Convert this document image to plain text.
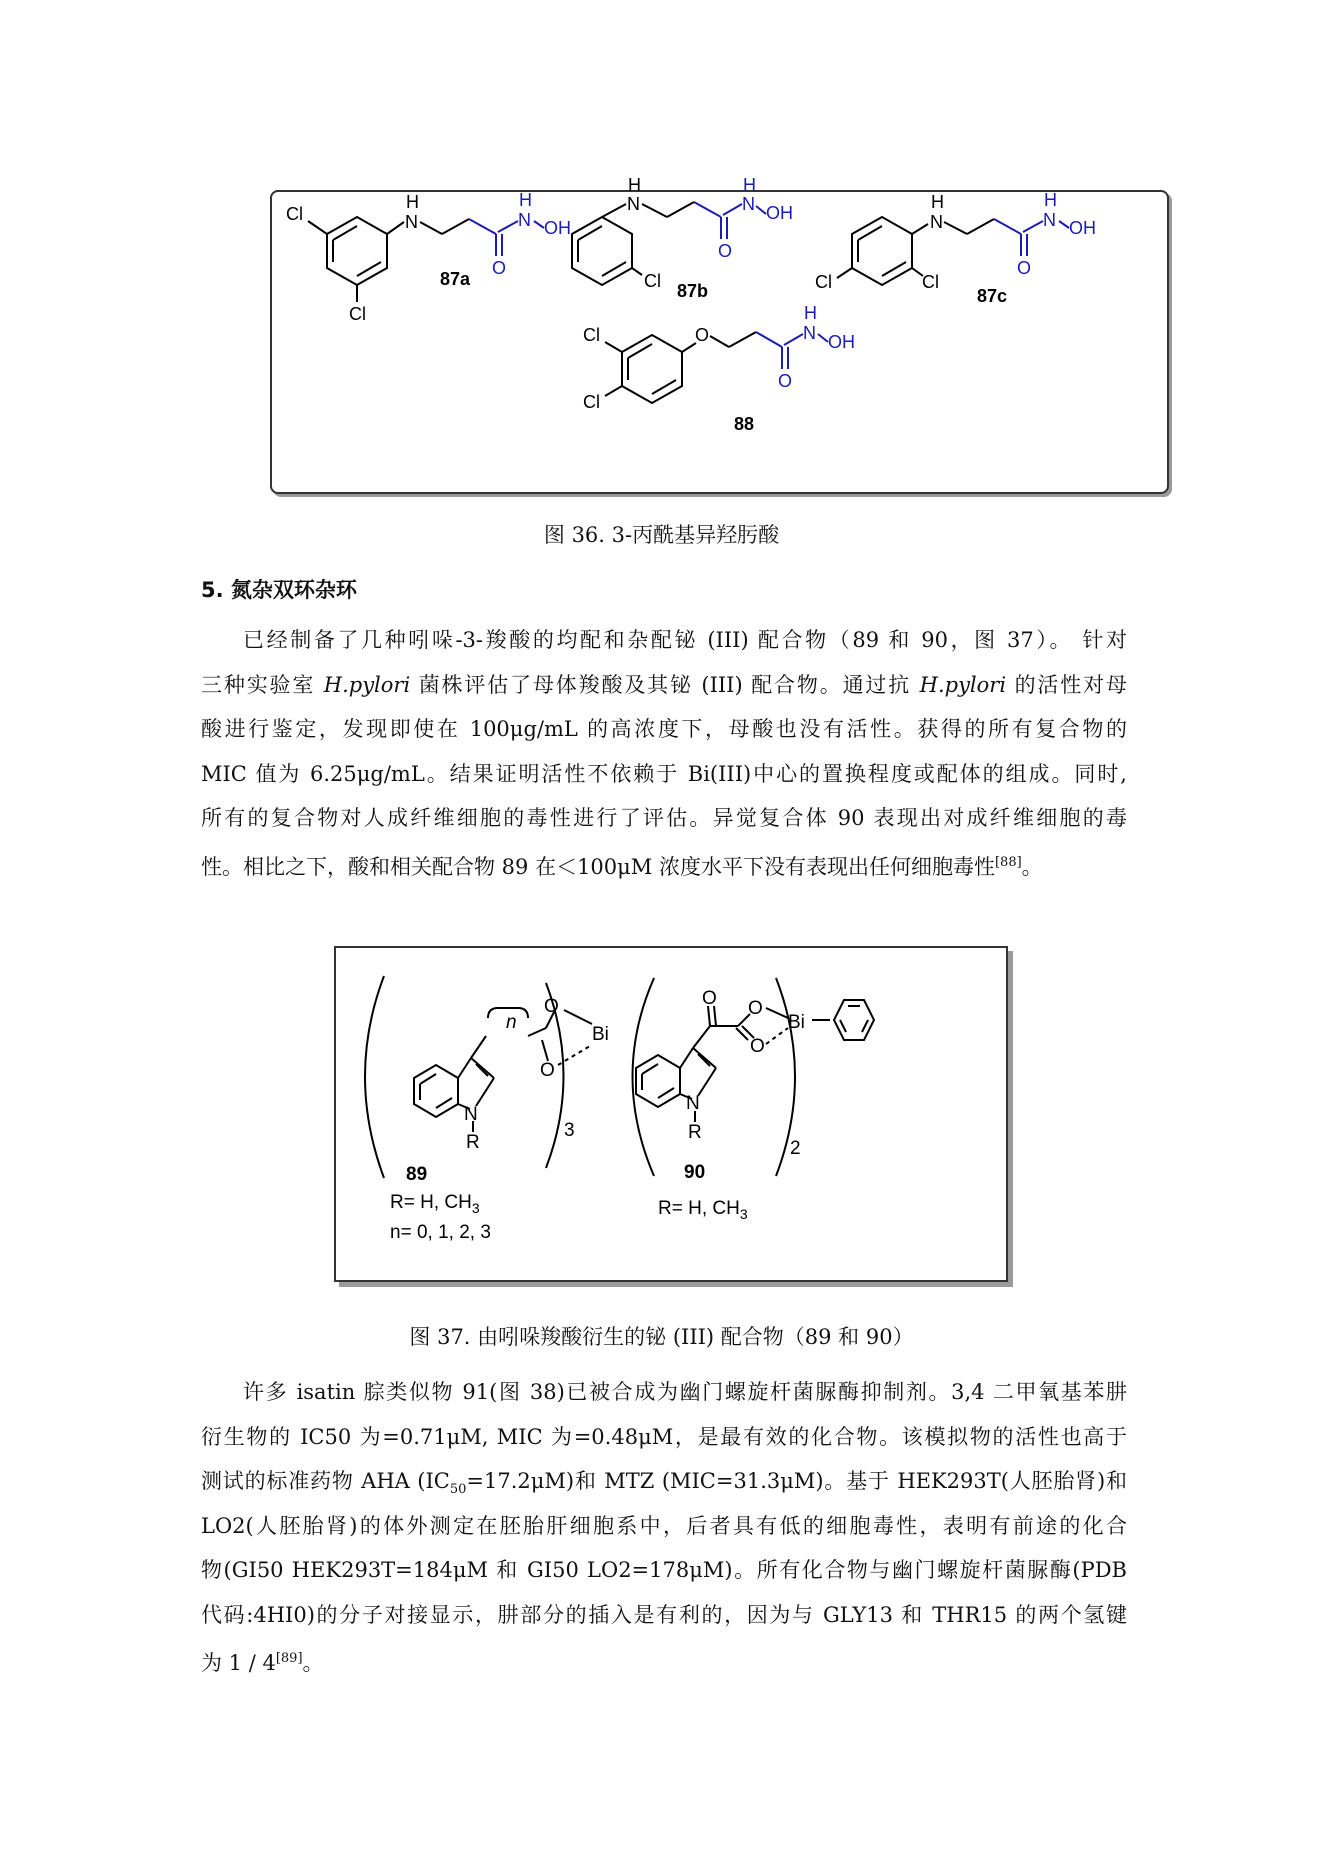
Cl
Cl
N
H
87a
N
H
OH
O
N
H
Cl 87b
N
H
OH
O
Cl	Cl
N
H
87c
N
H
OH
O
Cl
Cl
O
88
N
H
OH
O
图 36. 3-丙酰基异羟肟酸
5. 氮杂双环杂环
已经制备了几种吲哚-3-羧酸的均配和杂配铋 (III) 配合物（89 和 90，图 37）。 针对
三种实验室 H.pylori 菌株评估了母体羧酸及其铋 (III) 配合物。通过抗 H.pylori 的活性对母
酸进行鉴定，发现即使在 100μg/mL 的高浓度下，母酸也没有活性。获得的所有复合物的
MIC 值为 6.25μg/mL。结果证明活性不依赖于 Bi(III)中心的置换程度或配体的组成。同时,
所有的复合物对人成纤维细胞的毒性进行了评估。异觉复合体 90 表现出对成纤维细胞的毒
性。相比之下，酸和相关配合物 89 在＜100μM 浓度水平下没有表现出任何细胞毒性[88]。
O
O
n
Bi
3
N
R
89
R= H, $CH_3$
n= 0, 1, 2, 3
O O
O
Bi
2
N
R
90
R= H, $CH_3$
图 37. 由吲哚羧酸衍生的铋 (III) 配合物（89 和 90）
许多 isatin 腙类似物 91(图 38)已被合成为幽门螺旋杆菌脲酶抑制剂。3,4 二甲氧基苯肼
衍生物的 IC50 为=0.71μM, MIC 为=0.48μM，是最有效的化合物。该模拟物的活性也高于
测试的标准药物 AHA $(IC_{50}=17.2\mu M)$和 MTZ (MIC=31.3μM)。基于 HEK293T(人胚胎肾)和
LO2(人胚胎肾)的体外测定在胚胎肝细胞系中，后者具有低的细胞毒性，表明有前途的化合
物(GI50 HEK293T=184μM 和 GI50 LO2=178μM)。所有化合物与幽门螺旋杆菌脲酶(PDB
代码:4HI0)的分子对接显示，肼部分的插入是有利的，因为与 GLY13 和 THR15 的两个氢键
为 1 / 4[89]。
